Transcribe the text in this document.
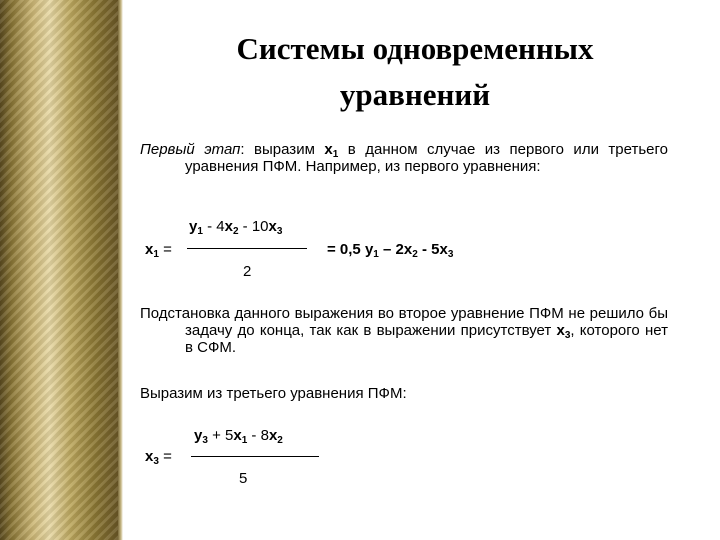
Системы одновременных
уравнений

Первый этап: выразим $x_1$ в данном случае из первого или третьего уравнения ПФМ. Например, из первого уравнения:

$x_1$ =
$y_1 - 4x_2 - 10x_3$
2
= 0,5 $y_1 - 2x_2 - 5x_3$

Подстановка данного выражения во второе уравнение ПФМ не решило бы задачу до конца, так как в выражении присутствует $x_3$, которого нет в СФМ.

Выразим из третьего уравнения ПФМ:

$x_3$ =
$y_3 + 5x_1 - 8x_2$
5
